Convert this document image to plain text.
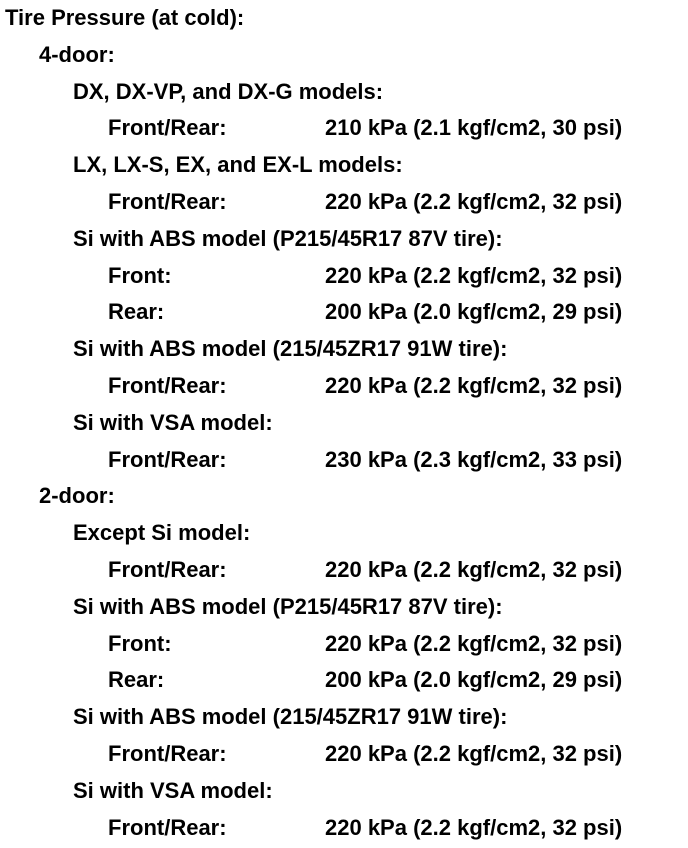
Tire Pressure (at cold):
4-door:
DX, DX-VP, and DX-G models:
Front/Rear:	210 kPa (2.1 kgf/cm2, 30 psi)
LX, LX-S, EX, and EX-L models:
Front/Rear:	220 kPa (2.2 kgf/cm2, 32 psi)
Si with ABS model (P215/45R17 87V tire):
Front:	220 kPa (2.2 kgf/cm2, 32 psi)
Rear:	200 kPa (2.0 kgf/cm2, 29 psi)
Si with ABS model (215/45ZR17 91W tire):
Front/Rear:	220 kPa (2.2 kgf/cm2, 32 psi)
Si with VSA model:
Front/Rear:	230 kPa (2.3 kgf/cm2, 33 psi)
2-door:
Except Si model:
Front/Rear:	220 kPa (2.2 kgf/cm2, 32 psi)
Si with ABS model (P215/45R17 87V tire):
Front:	220 kPa (2.2 kgf/cm2, 32 psi)
Rear:	200 kPa (2.0 kgf/cm2, 29 psi)
Si with ABS model (215/45ZR17 91W tire):
Front/Rear:	220 kPa (2.2 kgf/cm2, 32 psi)
Si with VSA model:
Front/Rear:	220 kPa (2.2 kgf/cm2, 32 psi)
